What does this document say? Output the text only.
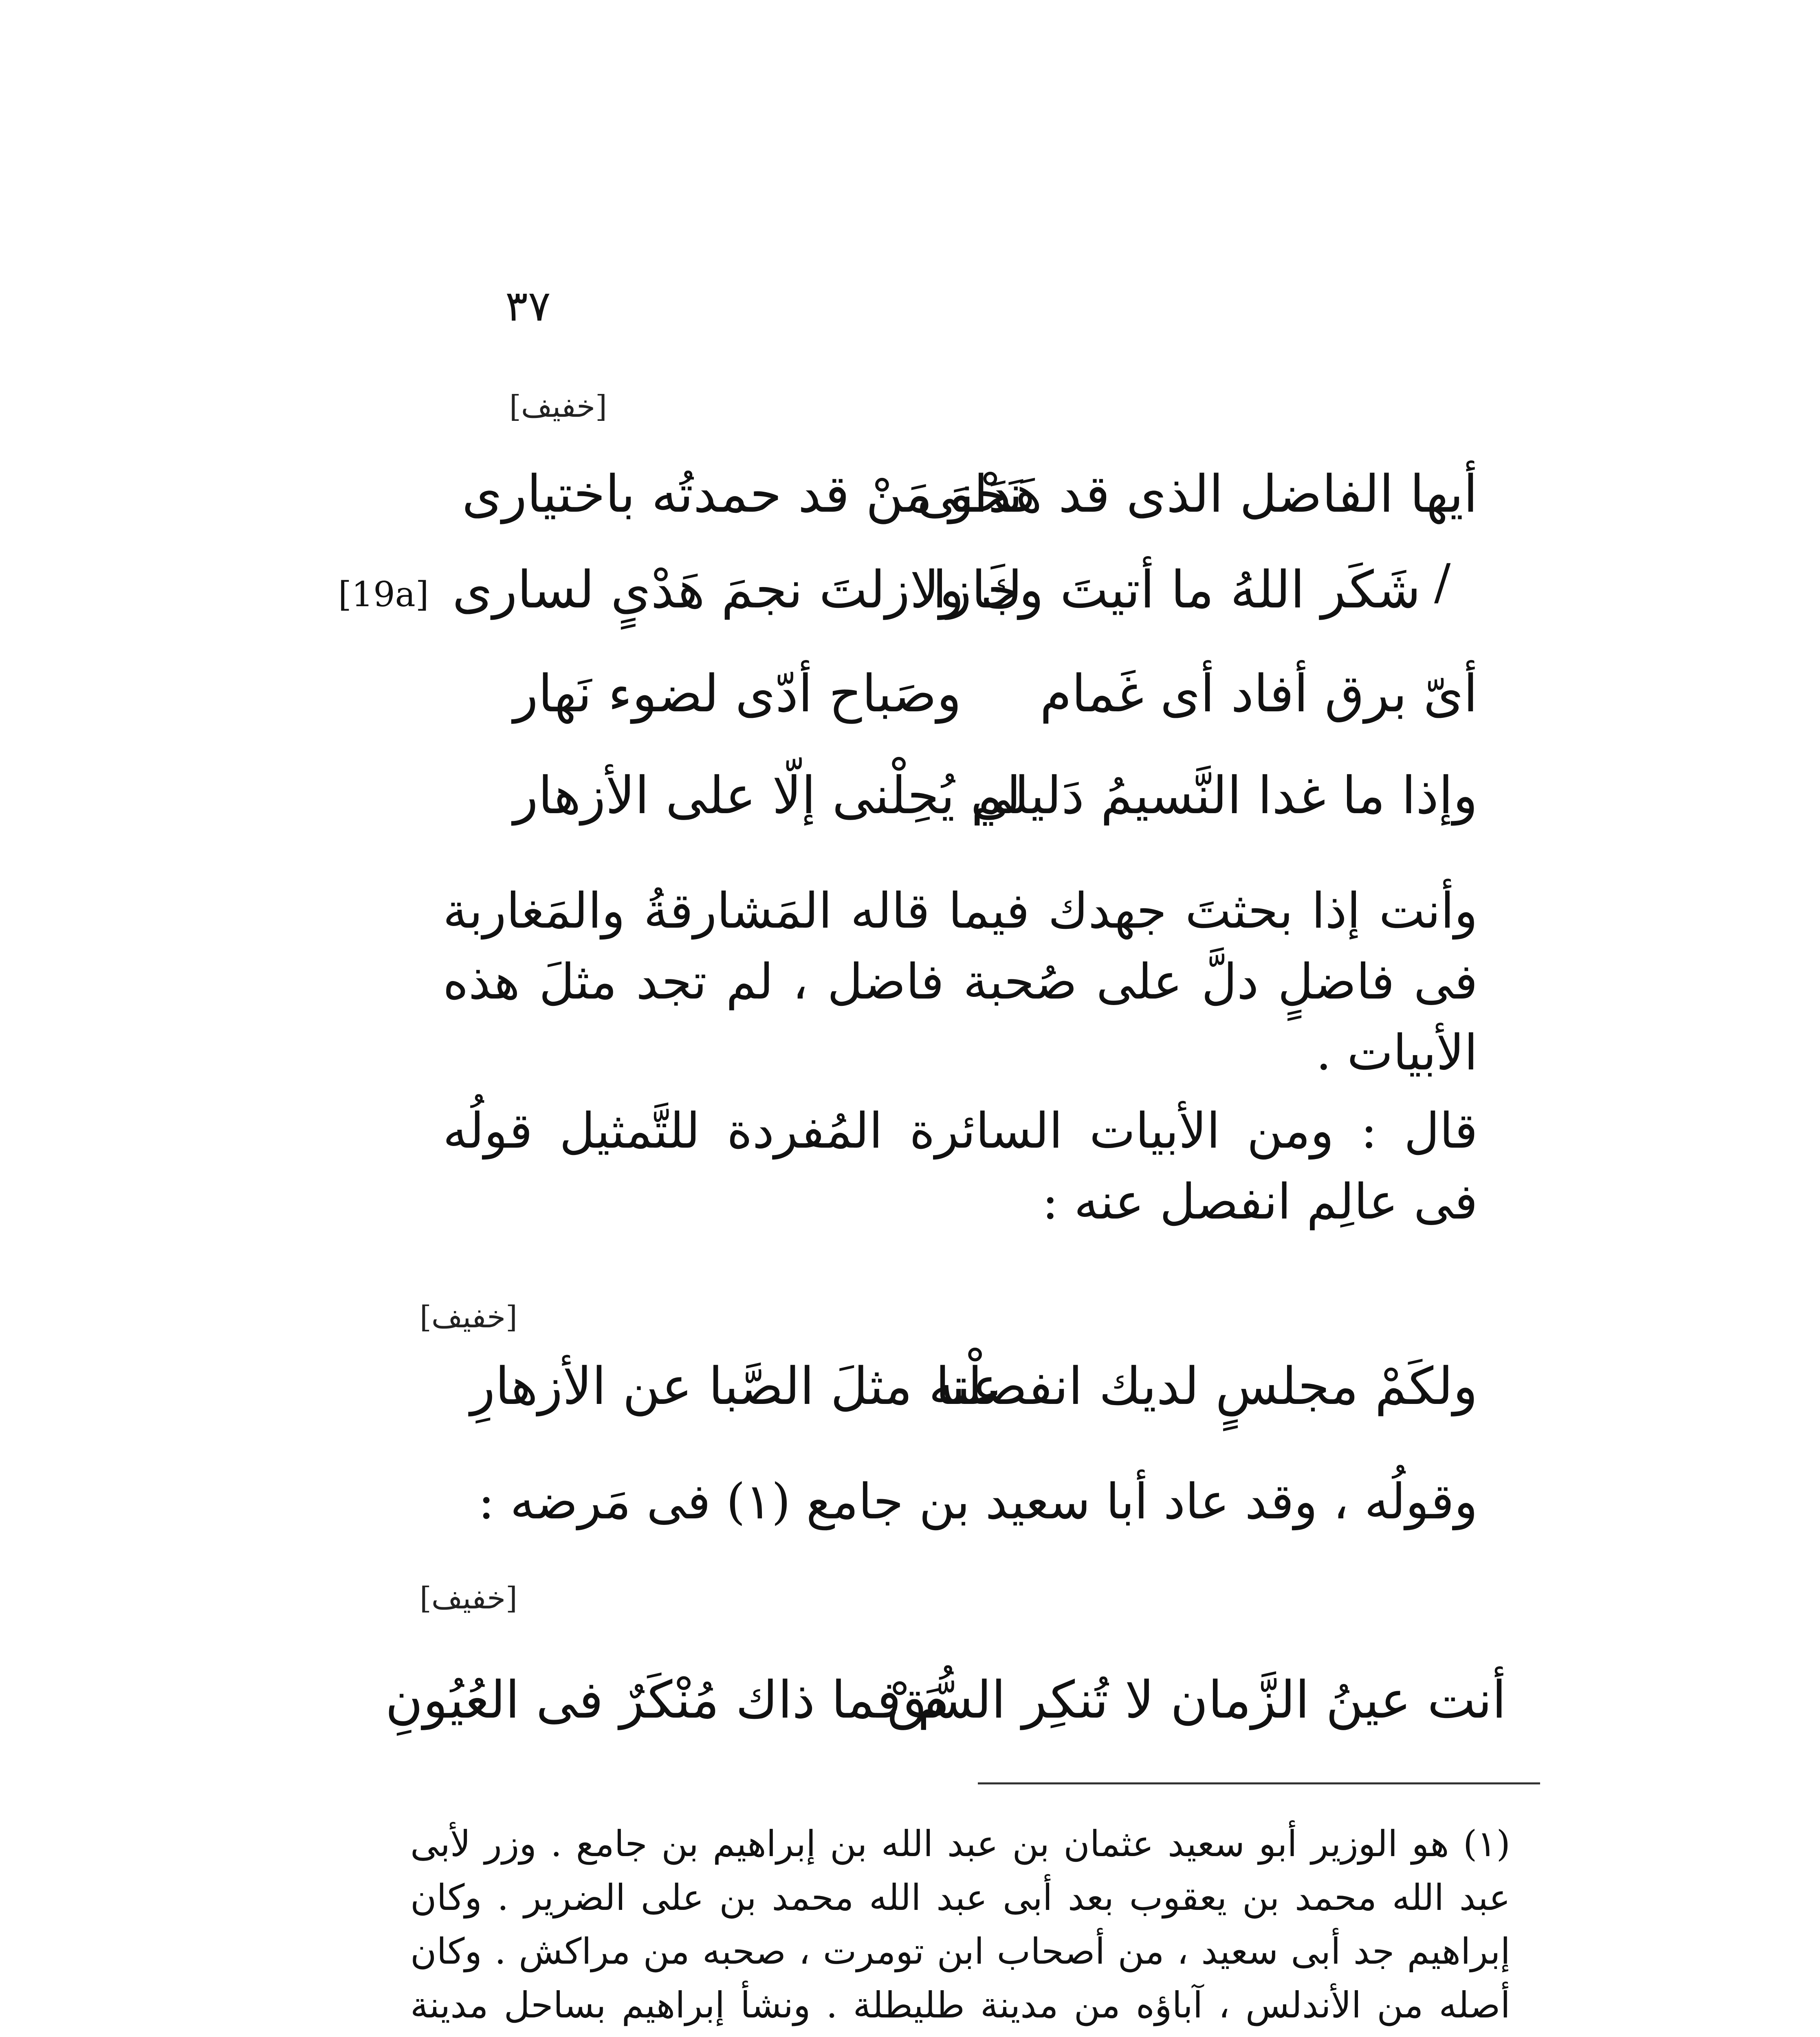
٣٧
[خفيف]
[19a]
أيها الفاضل الذى قد هَدَانى
نَحْوَ مَنْ قد حمدتُه باختيارى
/
شَكَر اللهُ ما أتيتَ وجازا
كَ ولازلتَ نجمَ هَدْىٍ لسارى
أىّ برق أفاد أى غَمام
وصَباح أدّى لضوء نَهار
وإذا ما غدا النَّسيمُ دَليلي
لم يُحِلْنى إلّا على الأزهار
وأنت إذا بحثتَ جهدك فيما قاله المَشارقةُ والمَغاربة فى فاضلٍ دلَّ على صُحبة فاضل ، لم تجد مثلَ هذه الأبيات .
قال : ومن الأبيات السائرة المُفردة للتَّمثيل قولُه فى عالِم انفصل عنه :
[خفيف]
ولكَمْ مجلسٍ لديك انفصلْنا
عنه مثلَ الصَّبا عن الأزهارِ
وقولُه ، وقد عاد أبا سعيد بن جامع (١) فى مَرضه :
[خفيف]
أنت عينُ الزَّمان لا تُنكِر السُّقْ
مَ فما ذاك مُنْكَرٌ فى العُيُونِ
(١) هو الوزير أبو سعيد عثمان بن عبد الله بن إبراهيم بن جامع . وزر لأبى عبد الله محمد بن يعقوب بعد أبى عبد الله محمد بن على الضرير . وكان إبراهيم جد أبى سعيد ، من أصحاب ابن تومرت ، صحبه من مراكش . وكان أصله من الأندلس ، آباؤه من مدينة طليطلة . ونشأ إبراهيم بساحل مدينة
